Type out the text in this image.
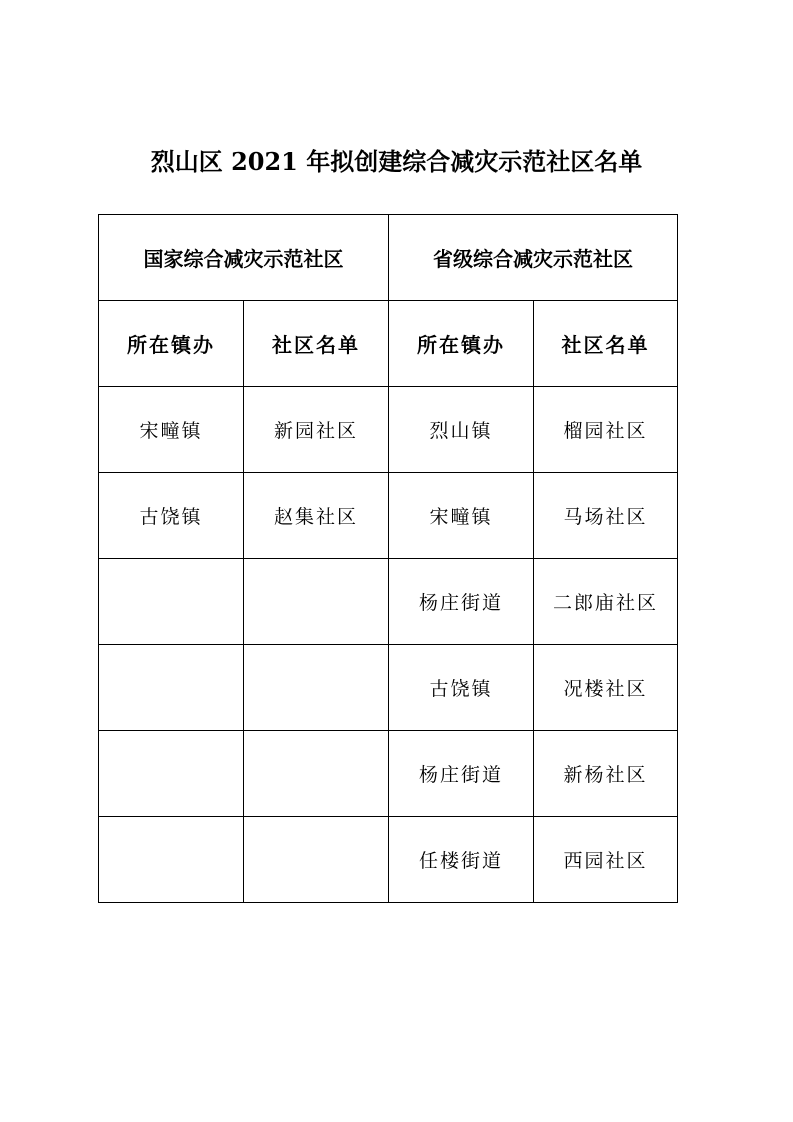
烈山区 2021 年拟创建综合减灾示范社区名单
国家综合减灾示范社区		省级综合减灾示范社区	
所在镇办	社区名单	所在镇办	社区名单
宋疃镇	新园社区	烈山镇	榴园社区
古饶镇	赵集社区	宋疃镇	马场社区
		杨庄街道	二郎庙社区
		古饶镇	况楼社区
		杨庄街道	新杨社区
		任楼街道	西园社区
